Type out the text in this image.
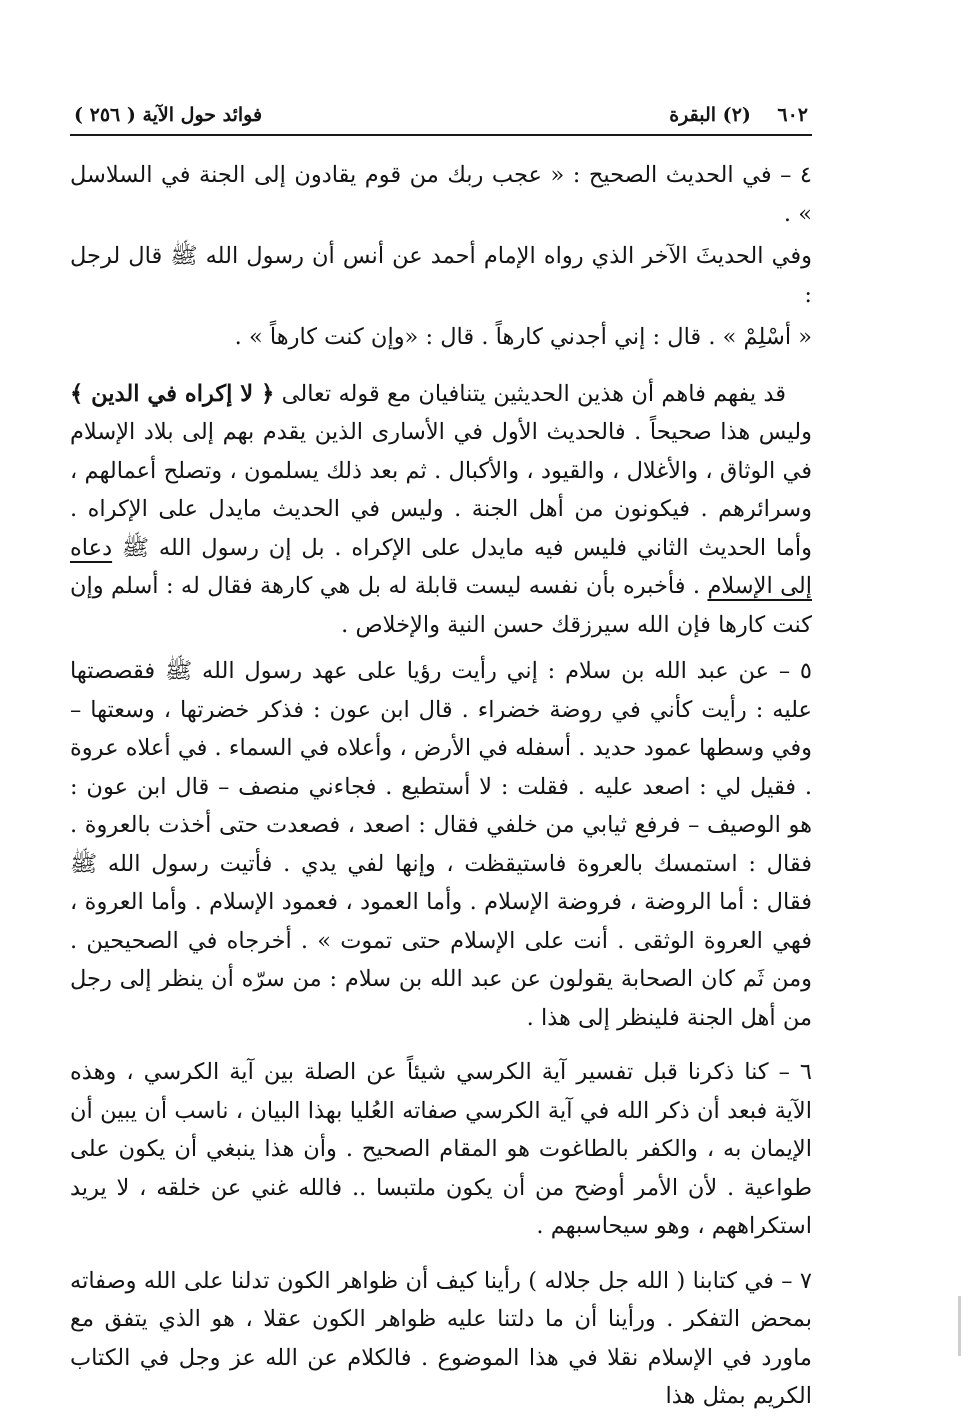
٦٠٢    (٢) البقرة
فوائد حول الآية ( ٢٥٦ )

٤ – في الحديث الصحيح : « عجب ربك من قوم يقادون إلى الجنة في السلاسل » .

وفي الحديثَ الآخر الذي رواه الإمام أحمد عن أنس أن رسول الله ﷺ قال لرجل :

« أسْلِمْ » . قال : إني أجدني كارهاً . قال : «وإن كنت كارهاً » .

قد يفهم فاهم أن هذين الحديثين يتنافيان مع قوله تعالى ﴿ لا إكراه في الدين ﴾ وليس هذا صحيحاً . فالحديث الأول في الأسارى الذين يقدم بهم إلى بلاد الإسلام في الوثاق ، والأغلال ، والقيود ، والأكبال . ثم بعد ذلك يسلمون ، وتصلح أعمالهم ، وسرائرهم . فيكونون من أهل الجنة . وليس في الحديث مايدل على الإكراه . وأما الحديث الثاني فليس فيه مايدل على الإكراه . بل إن رسول الله ﷺ دعاه إلى الإسلام . فأخبره بأن نفسه ليست قابلة له بل هي كارهة فقال له : أسلم وإن كنت كارها فإن الله سيرزقك حسن النية والإخلاص .

٥ – عن عبد الله بن سلام : إني رأيت رؤيا على عهد رسول الله ﷺ فقصصتها عليه : رأيت كأني في روضة خضراء . قال ابن عون : فذكر خضرتها ، وسعتها – وفي وسطها عمود حديد . أسفله في الأرض ، وأعلاه في السماء . في أعلاه عروة . فقيل لي : اصعد عليه . فقلت : لا أستطيع . فجاءني منصف – قال ابن عون : هو الوصيف – فرفع ثيابي من خلفي فقال : اصعد ، فصعدت حتى أخذت بالعروة . فقال : استمسك بالعروة فاستيقظت ، وإنها لفي يدي . فأتيت رسول الله ﷺ فقال : أما الروضة ، فروضة الإسلام . وأما العمود ، فعمود الإسلام . وأما العروة ، فهي العروة الوثقى . أنت على الإسلام حتى تموت » . أخرجاه في الصحيحين . ومن ثَم كان الصحابة يقولون عن عبد الله بن سلام : من سرّه أن ينظر إلى رجل من أهل الجنة فلينظر إلى هذا .

٦ – كنا ذكرنا قبل تفسير آية الكرسي شيئاً عن الصلة بين آية الكرسي ، وهذه الآية فبعد أن ذكر الله في آية الكرسي صفاته العُليا بهذا البيان ، ناسب أن يبين أن الإيمان به ، والكفر بالطاغوت هو المقام الصحيح . وأن هذا ينبغي أن يكون على طواعية . لأن الأمر أوضح من أن يكون ملتبسا .. فالله غني عن خلقه ، لا يريد استكراههم ، وهو سيحاسبهم .

٧ – في كتابنا ( الله جل جلاله ) رأينا كيف أن ظواهر الكون تدلنا على الله وصفاته بمحض التفكر . ورأينا أن ما دلتنا عليه ظواهر الكون عقلا ، هو الذي يتفق مع ماورد في الإسلام نقلا في هذا الموضوع . فالكلام عن الله عز وجل في الكتاب الكريم بمثل هذا
